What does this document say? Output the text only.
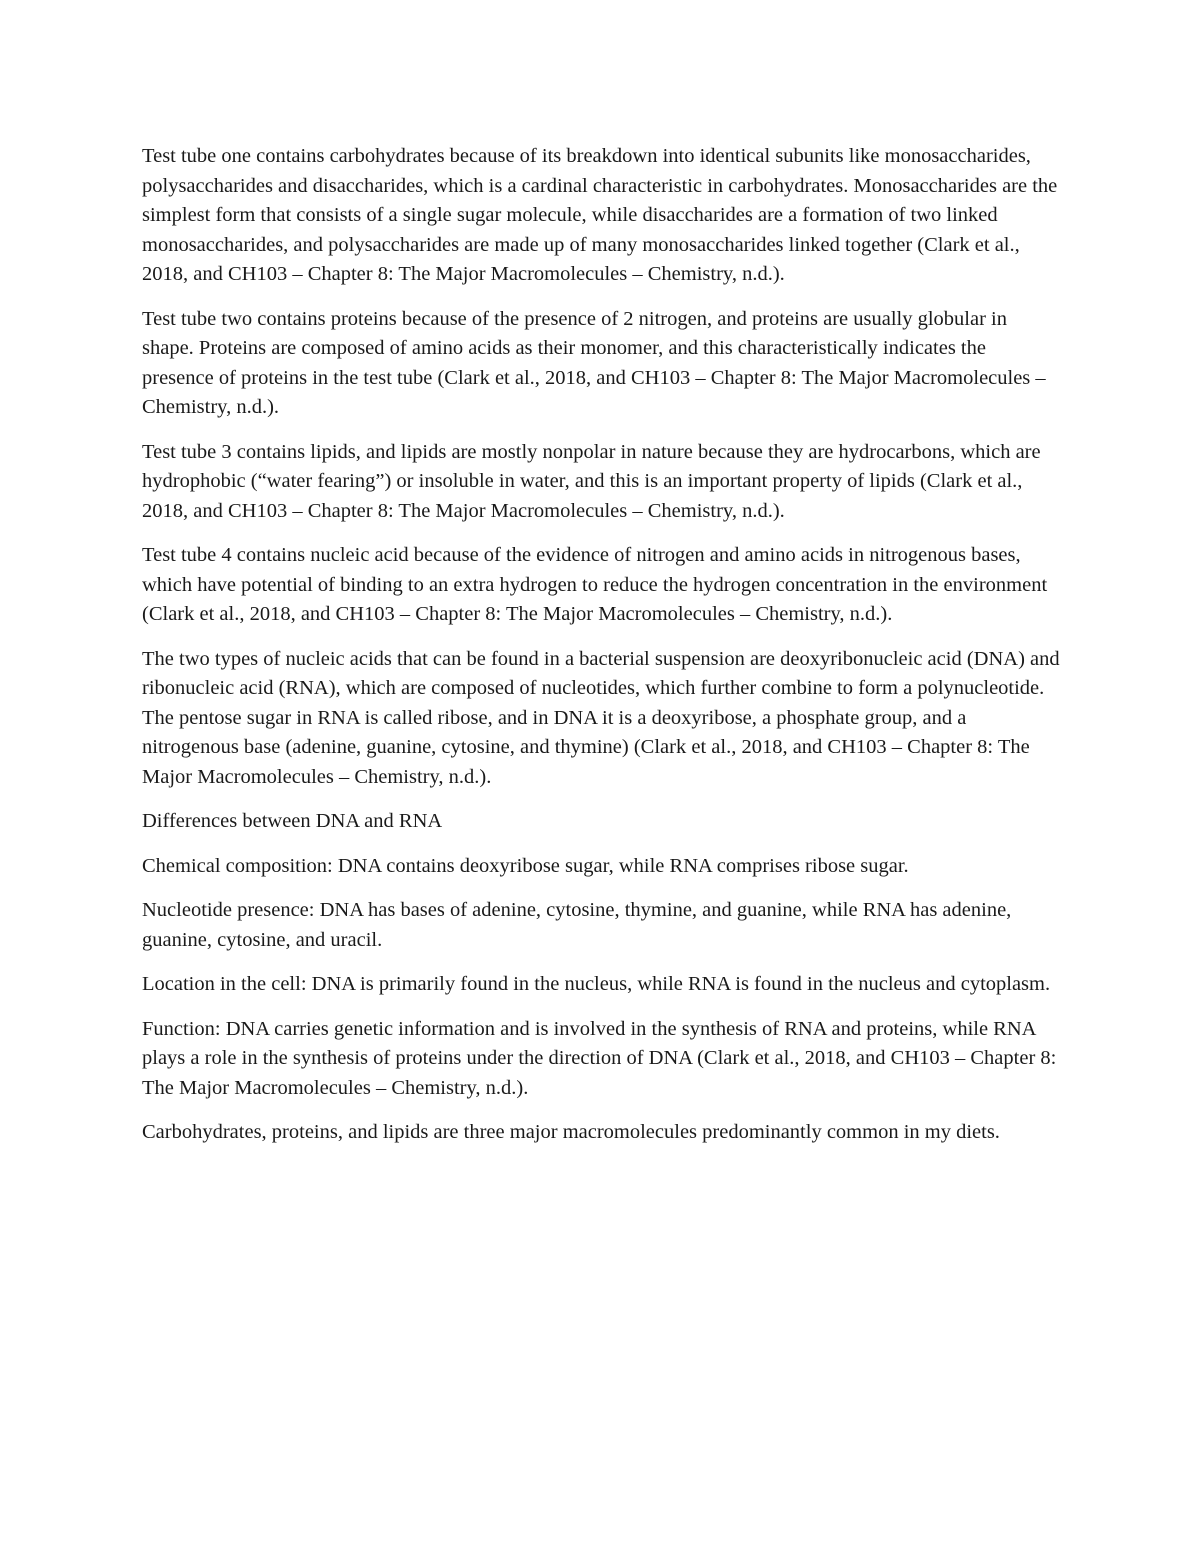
Test tube one contains carbohydrates because of its breakdown into identical subunits like monosaccharides, polysaccharides and disaccharides, which is a cardinal characteristic in carbohydrates. Monosaccharides are the simplest form that consists of a single sugar molecule, while disaccharides are a formation of two linked monosaccharides, and polysaccharides are made up of many monosaccharides linked together (Clark et al., 2018, and CH103 – Chapter 8: The Major Macromolecules – Chemistry, n.d.).

Test tube two contains proteins because of the presence of 2 nitrogen, and proteins are usually globular in shape. Proteins are composed of amino acids as their monomer, and this characteristically indicates the presence of proteins in the test tube (Clark et al., 2018, and CH103 – Chapter 8: The Major Macromolecules – Chemistry, n.d.).

Test tube 3 contains lipids, and lipids are mostly nonpolar in nature because they are hydrocarbons, which are hydrophobic (“water fearing”) or insoluble in water, and this is an important property of lipids (Clark et al., 2018, and CH103 – Chapter 8: The Major Macromolecules – Chemistry, n.d.).

Test tube 4 contains nucleic acid because of the evidence of nitrogen and amino acids in nitrogenous bases, which have potential of binding to an extra hydrogen to reduce the hydrogen concentration in the environment (Clark et al., 2018, and CH103 – Chapter 8: The Major Macromolecules – Chemistry, n.d.).

The two types of nucleic acids that can be found in a bacterial suspension are deoxyribonucleic acid (DNA) and ribonucleic acid (RNA), which are composed of nucleotides, which further combine to form a polynucleotide. The pentose sugar in RNA is called ribose, and in DNA it is a deoxyribose, a phosphate group, and a nitrogenous base (adenine, guanine, cytosine, and thymine) (Clark et al., 2018, and CH103 – Chapter 8: The Major Macromolecules – Chemistry, n.d.).

Differences between DNA and RNA

Chemical composition: DNA contains deoxyribose sugar, while RNA comprises ribose sugar.

Nucleotide presence: DNA has bases of adenine, cytosine, thymine, and guanine, while RNA has adenine, guanine, cytosine, and uracil.

Location in the cell: DNA is primarily found in the nucleus, while RNA is found in the nucleus and cytoplasm.

Function: DNA carries genetic information and is involved in the synthesis of RNA and proteins, while RNA plays a role in the synthesis of proteins under the direction of DNA (Clark et al., 2018, and CH103 – Chapter 8: The Major Macromolecules – Chemistry, n.d.).

Carbohydrates, proteins, and lipids are three major macromolecules predominantly common in my diets.
